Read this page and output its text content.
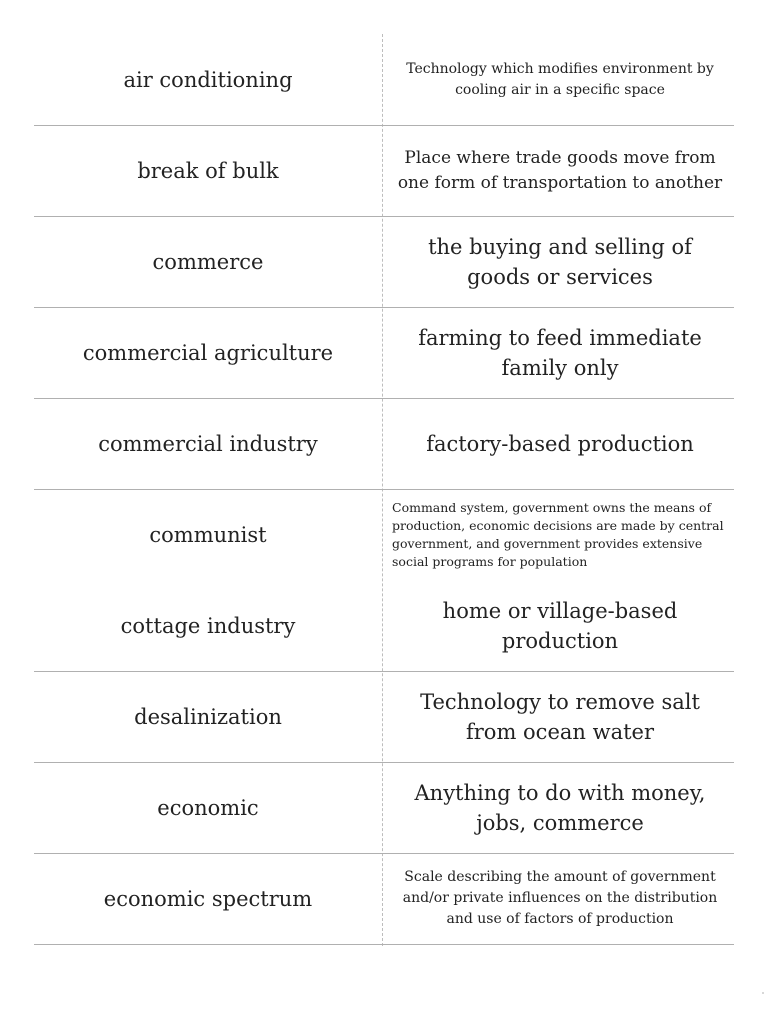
air conditioning	Technology which modifies environment by cooling air in a specific space
break of bulk
Place where trade goods move from one form of transportation to another
commerce
the buying and selling of goods or services
commercial agriculture
farming to feed immediate family only
commercial industry	factory-based production
communist
Command system, government owns the means of production, economic decisions are made by central government, and government provides extensive social programs for population
cottage industry
home or village-based production
desalinization
Technology to remove salt from ocean water
economic
Anything to do with money, jobs, commerce
economic spectrum
Scale describing the amount of government and/or private influences on the distribution and use of factors of production
